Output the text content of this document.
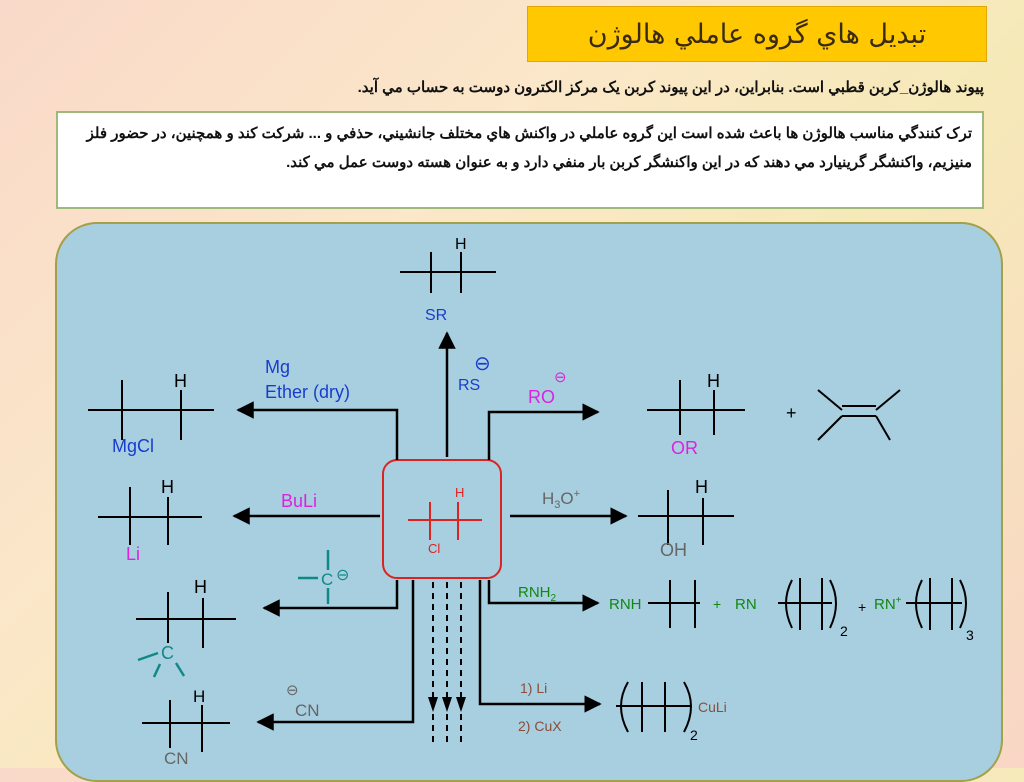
تبديل هاي گروه عاملي هالوژن
پيوند هالوژن_کربن قطبي است. بنابراين، در اين پيوند کربن يک مرکز الکترون دوست به حساب مي آيد.
ترک کنندگي مناسب هالوژن ها باعث شده است اين گروه عاملي در واکنش هاي مختلف جانشيني، حذفي و ... شرکت کند و همچنين، در حضور فلز منيزيم، واکنشگر گرينيارد مي دهند که در اين واکنشگر کربن بار منفي دارد و به عنوان هسته دوست عمل مي کند.
H
Cl
H
SR
RS
⊖
Mg
Ether (dry)
H
MgCl
RO
⊖	H
OR
+
BuLi
H
Li
$H_3O^+$	H
OH
C ⊖
H
C
$RNH_2$	RNH	+ RN
2
+ RN+
3
⊖
CN
H
CN
1) Li
2) CuX
2
CuLi
